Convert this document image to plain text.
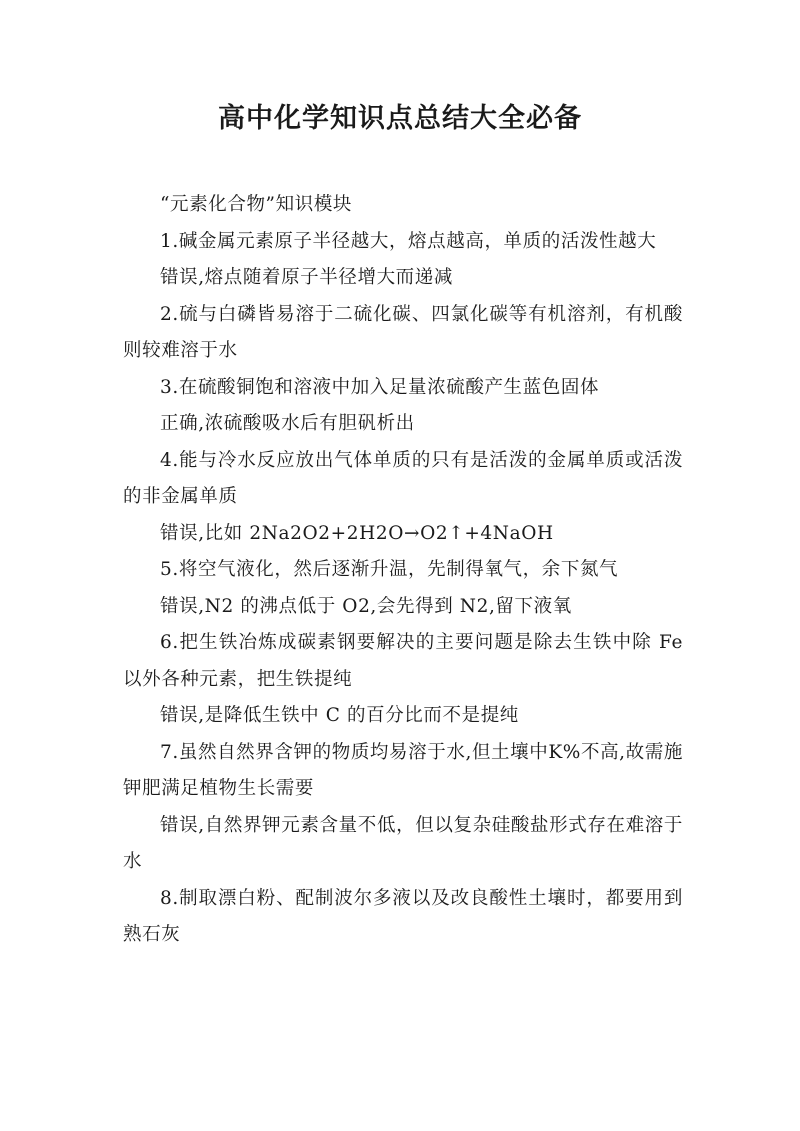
高中化学知识点总结大全必备

“元素化合物”知识模块

1.碱金属元素原子半径越大，熔点越高，单质的活泼性越大

错误,熔点随着原子半径增大而递减

2.硫与白磷皆易溶于二硫化碳、四氯化碳等有机溶剂，有机酸则较难溶于水

3.在硫酸铜饱和溶液中加入足量浓硫酸产生蓝色固体

正确,浓硫酸吸水后有胆矾析出

4.能与冷水反应放出气体单质的只有是活泼的金属单质或活泼的非金属单质

错误,比如 2Na2O2+2H2O→O2↑+4NaOH

5.将空气液化，然后逐渐升温，先制得氧气，余下氮气

错误,N2 的沸点低于 O2,会先得到 N2,留下液氧

6.把生铁冶炼成碳素钢要解决的主要问题是除去生铁中除 Fe 以外各种元素，把生铁提纯

错误,是降低生铁中 C 的百分比而不是提纯

7.虽然自然界含钾的物质均易溶于水,但土壤中K%不高,故需施钾肥满足植物生长需要

错误,自然界钾元素含量不低，但以复杂硅酸盐形式存在难溶于水

8.制取漂白粉、配制波尔多液以及改良酸性土壤时，都要用到熟石灰
